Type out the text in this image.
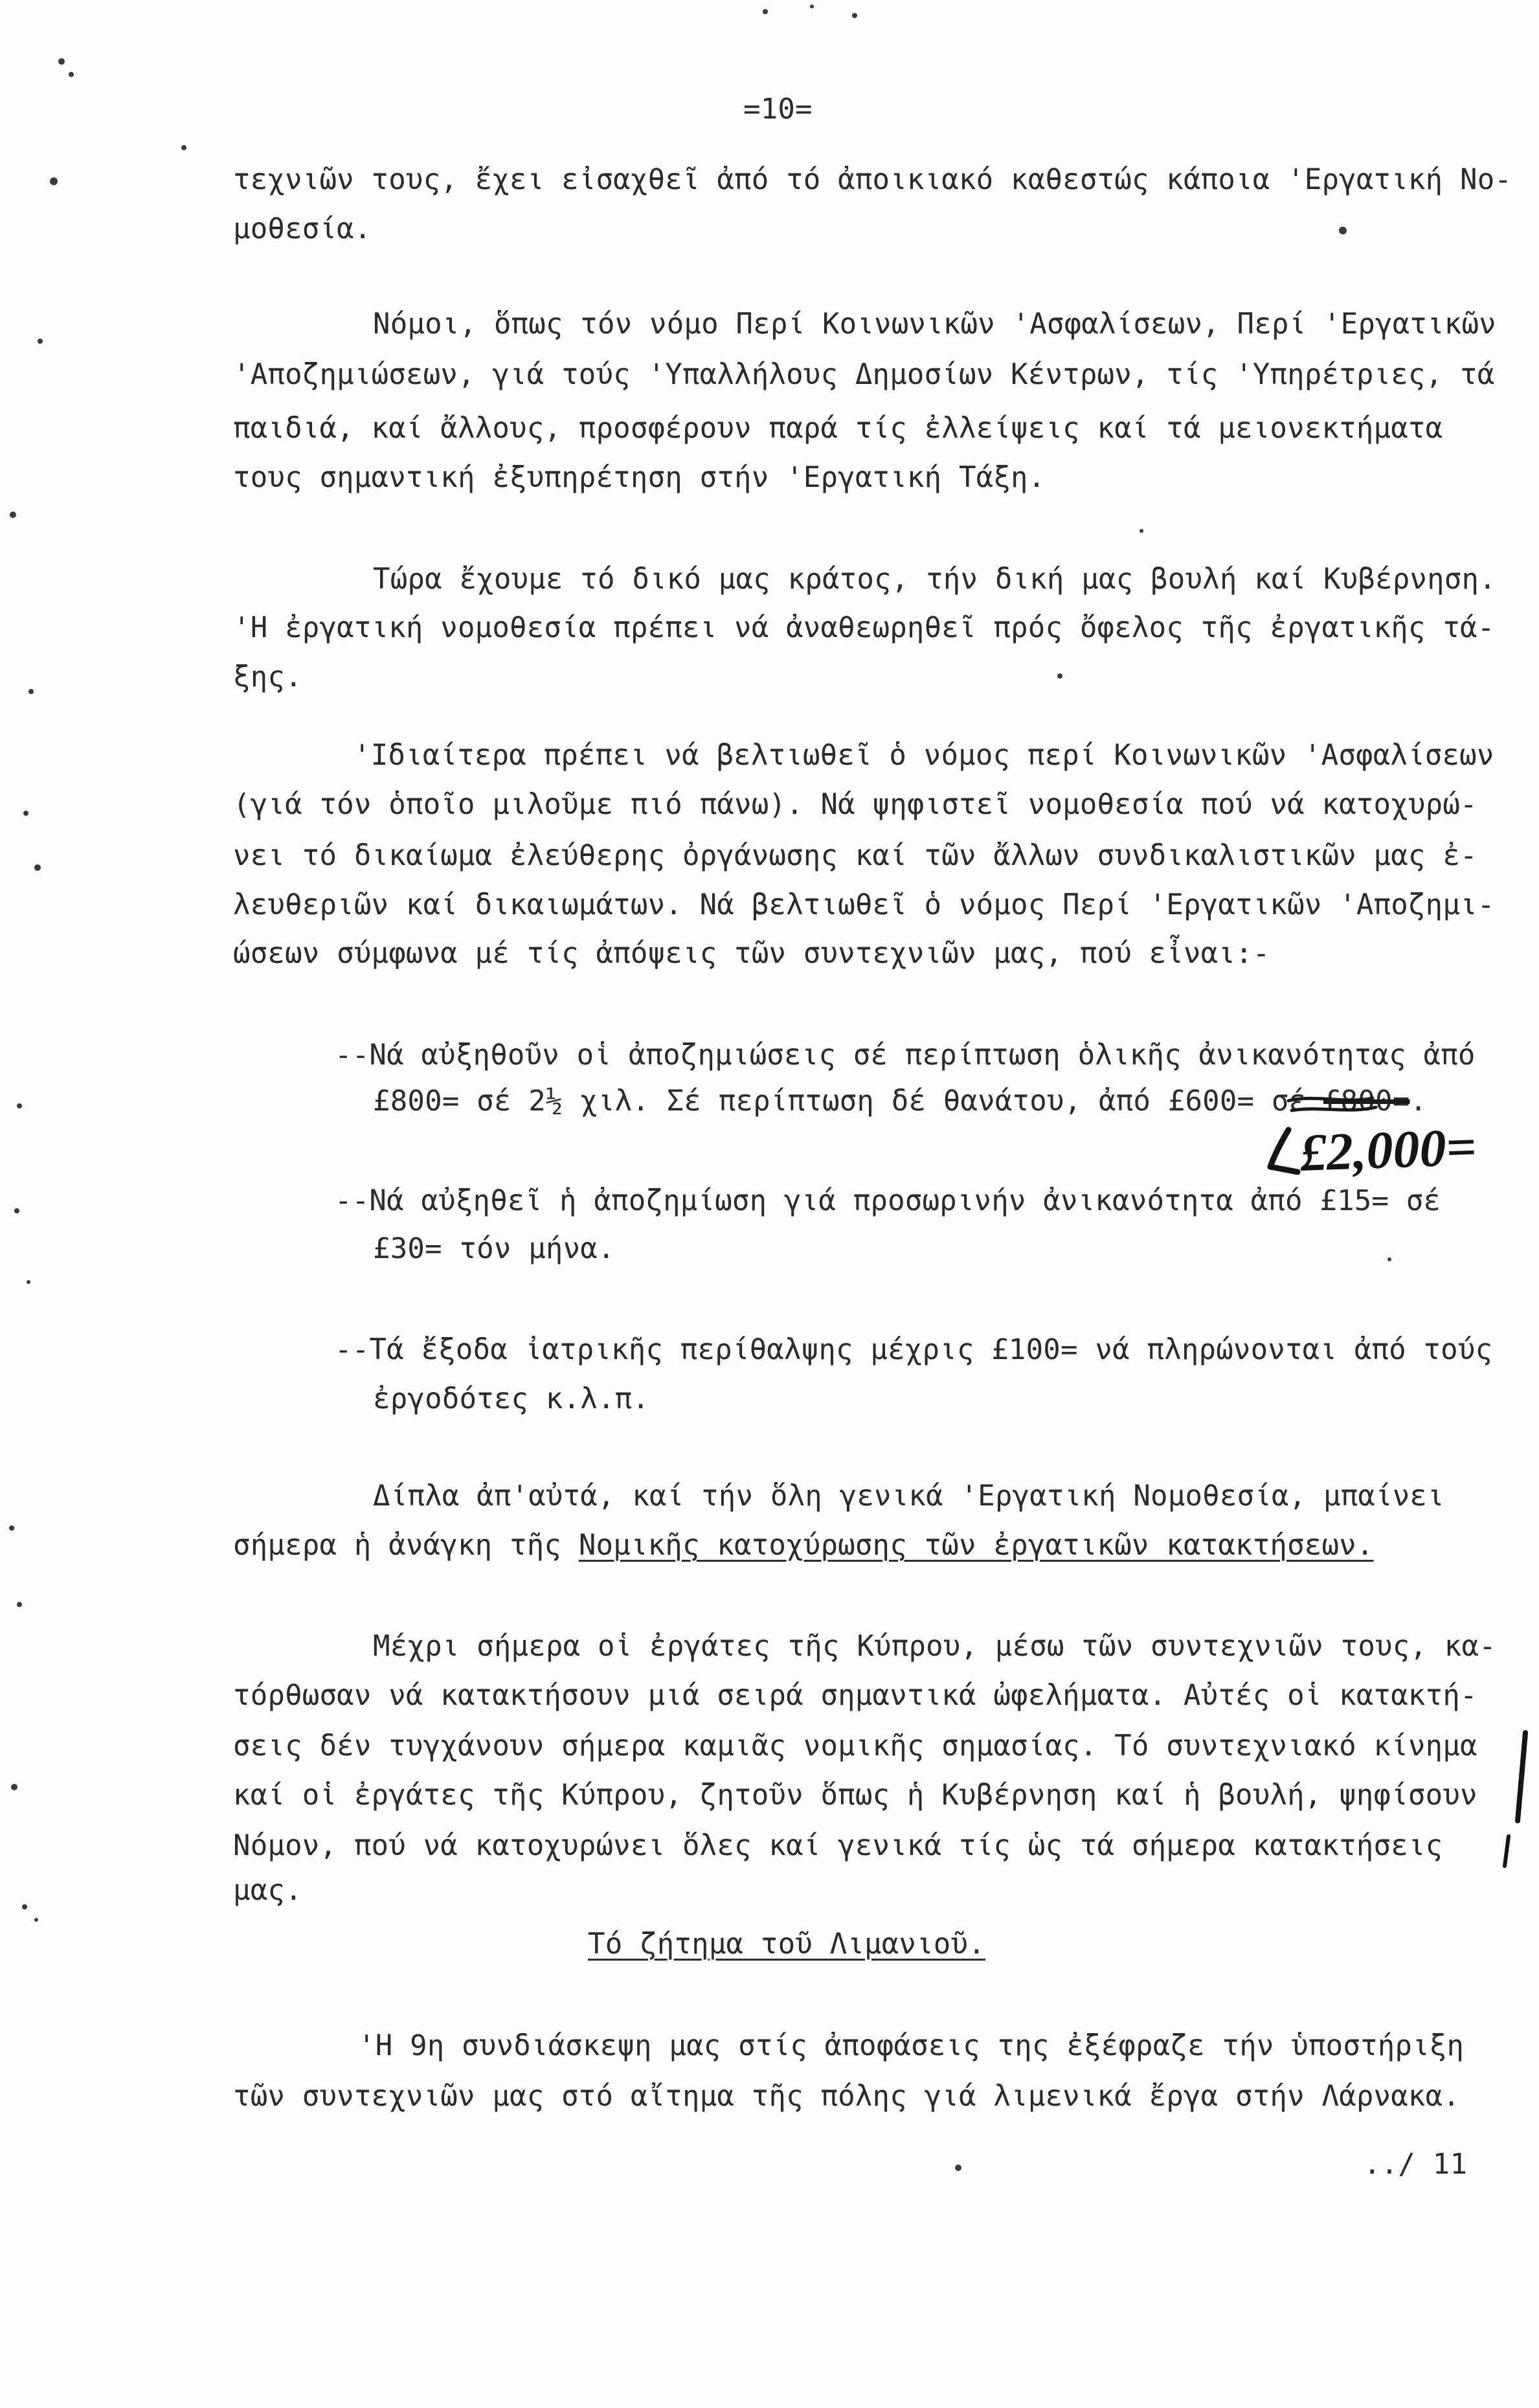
=10=
τεχνιῶν τους, ἔχει εἰσαχθεῖ ἀπό τό ἀποικιακό καθεστώς κάποια 'Εργατική Νο-
μοθεσία.
Νόμοι, ὅπως τόν νόμο Περί Κοινωνικῶν 'Ασφαλίσεων, Περί 'Εργατικῶν
'Αποζημιώσεων, γιά τούς 'Υπαλλήλους Δημοσίων Κέντρων, τίς 'Υπηρέτριες, τά
παιδιά, καί ἄλλους, προσφέρουν παρά τίς ἐλλείψεις καί τά μειονεκτήματα
τους σημαντική ἐξυπηρέτηση στήν 'Εργατική Τάξη.
Τώρα ἔχουμε τό δικό μας κράτος, τήν δική μας βουλή καί Κυβέρνηση.
'Η ἐργατική νομοθεσία πρέπει νά ἀναθεωρηθεῖ πρός ὄφελος τῆς ἐργατικῆς τά-
ξης.
'Ιδιαίτερα πρέπει νά βελτιωθεῖ ὁ νόμος περί Κοινωνικῶν 'Ασφαλίσεων
(γιά τόν ὁποῖο μιλοῦμε πιό πάνω). Νά ψηφιστεῖ νομοθεσία πού νά κατοχυρώ-
νει τό δικαίωμα ἐλεύθερης ὀργάνωσης καί τῶν ἄλλων συνδικαλιστικῶν μας ἐ-
λευθεριῶν καί δικαιωμάτων. Νά βελτιωθεῖ ὁ νόμος Περί 'Εργατικῶν 'Αποζημι-
ώσεων σύμφωνα μέ τίς ἀπόψεις τῶν συντεχνιῶν μας, πού εἶναι:-
--Νά αὐξηθοῦν οἱ ἀποζημιώσεις σέ περίπτωση ὁλικῆς ἀνικανότητας ἀπό
£800= σέ 2½ χιλ. Σέ περίπτωση δέ θανάτου, ἀπό £600= σέ £800=.
£2,000=
--Νά αὐξηθεῖ ἡ ἀποζημίωση γιά προσωρινήν ἀνικανότητα ἀπό £15= σέ
£30= τόν μήνα.
--Τά ἔξοδα ἰατρικῆς περίθαλψης μέχρις £100= νά πληρώνονται ἀπό τούς
ἐργοδότες κ.λ.π.
Δίπλα ἀπ'αὐτά, καί τήν ὅλη γενικά 'Εργατική Νομοθεσία, μπαίνει
σήμερα ἡ ἀνάγκη τῆς Νομικῆς κατοχύρωσης τῶν ἐργατικῶν κατακτήσεων.
Μέχρι σήμερα οἱ ἐργάτες τῆς Κύπρου, μέσω τῶν συντεχνιῶν τους, κα-
τόρθωσαν νά κατακτήσουν μιά σειρά σημαντικά ὠφελήματα. Αὐτές οἱ κατακτή-
σεις δέν τυγχάνουν σήμερα καμιᾶς νομικῆς σημασίας. Τό συντεχνιακό κίνημα
καί οἱ ἐργάτες τῆς Κύπρου, ζητοῦν ὅπως ἡ Κυβέρνηση καί ἡ βουλή, ψηφίσουν
Νόμον, πού νά κατοχυρώνει ὅλες καί γενικά τίς ὡς τά σήμερα κατακτήσεις
μας.
Τό ζήτημα τοῦ Λιμανιοῦ.
'Η 9η συνδιάσκεψη μας στίς ἀποφάσεις της ἐξέφραζε τήν ὑποστήριξη
τῶν συντεχνιῶν μας στό αἴτημα τῆς πόλης γιά λιμενικά ἔργα στήν Λάρνακα.
../ 11
